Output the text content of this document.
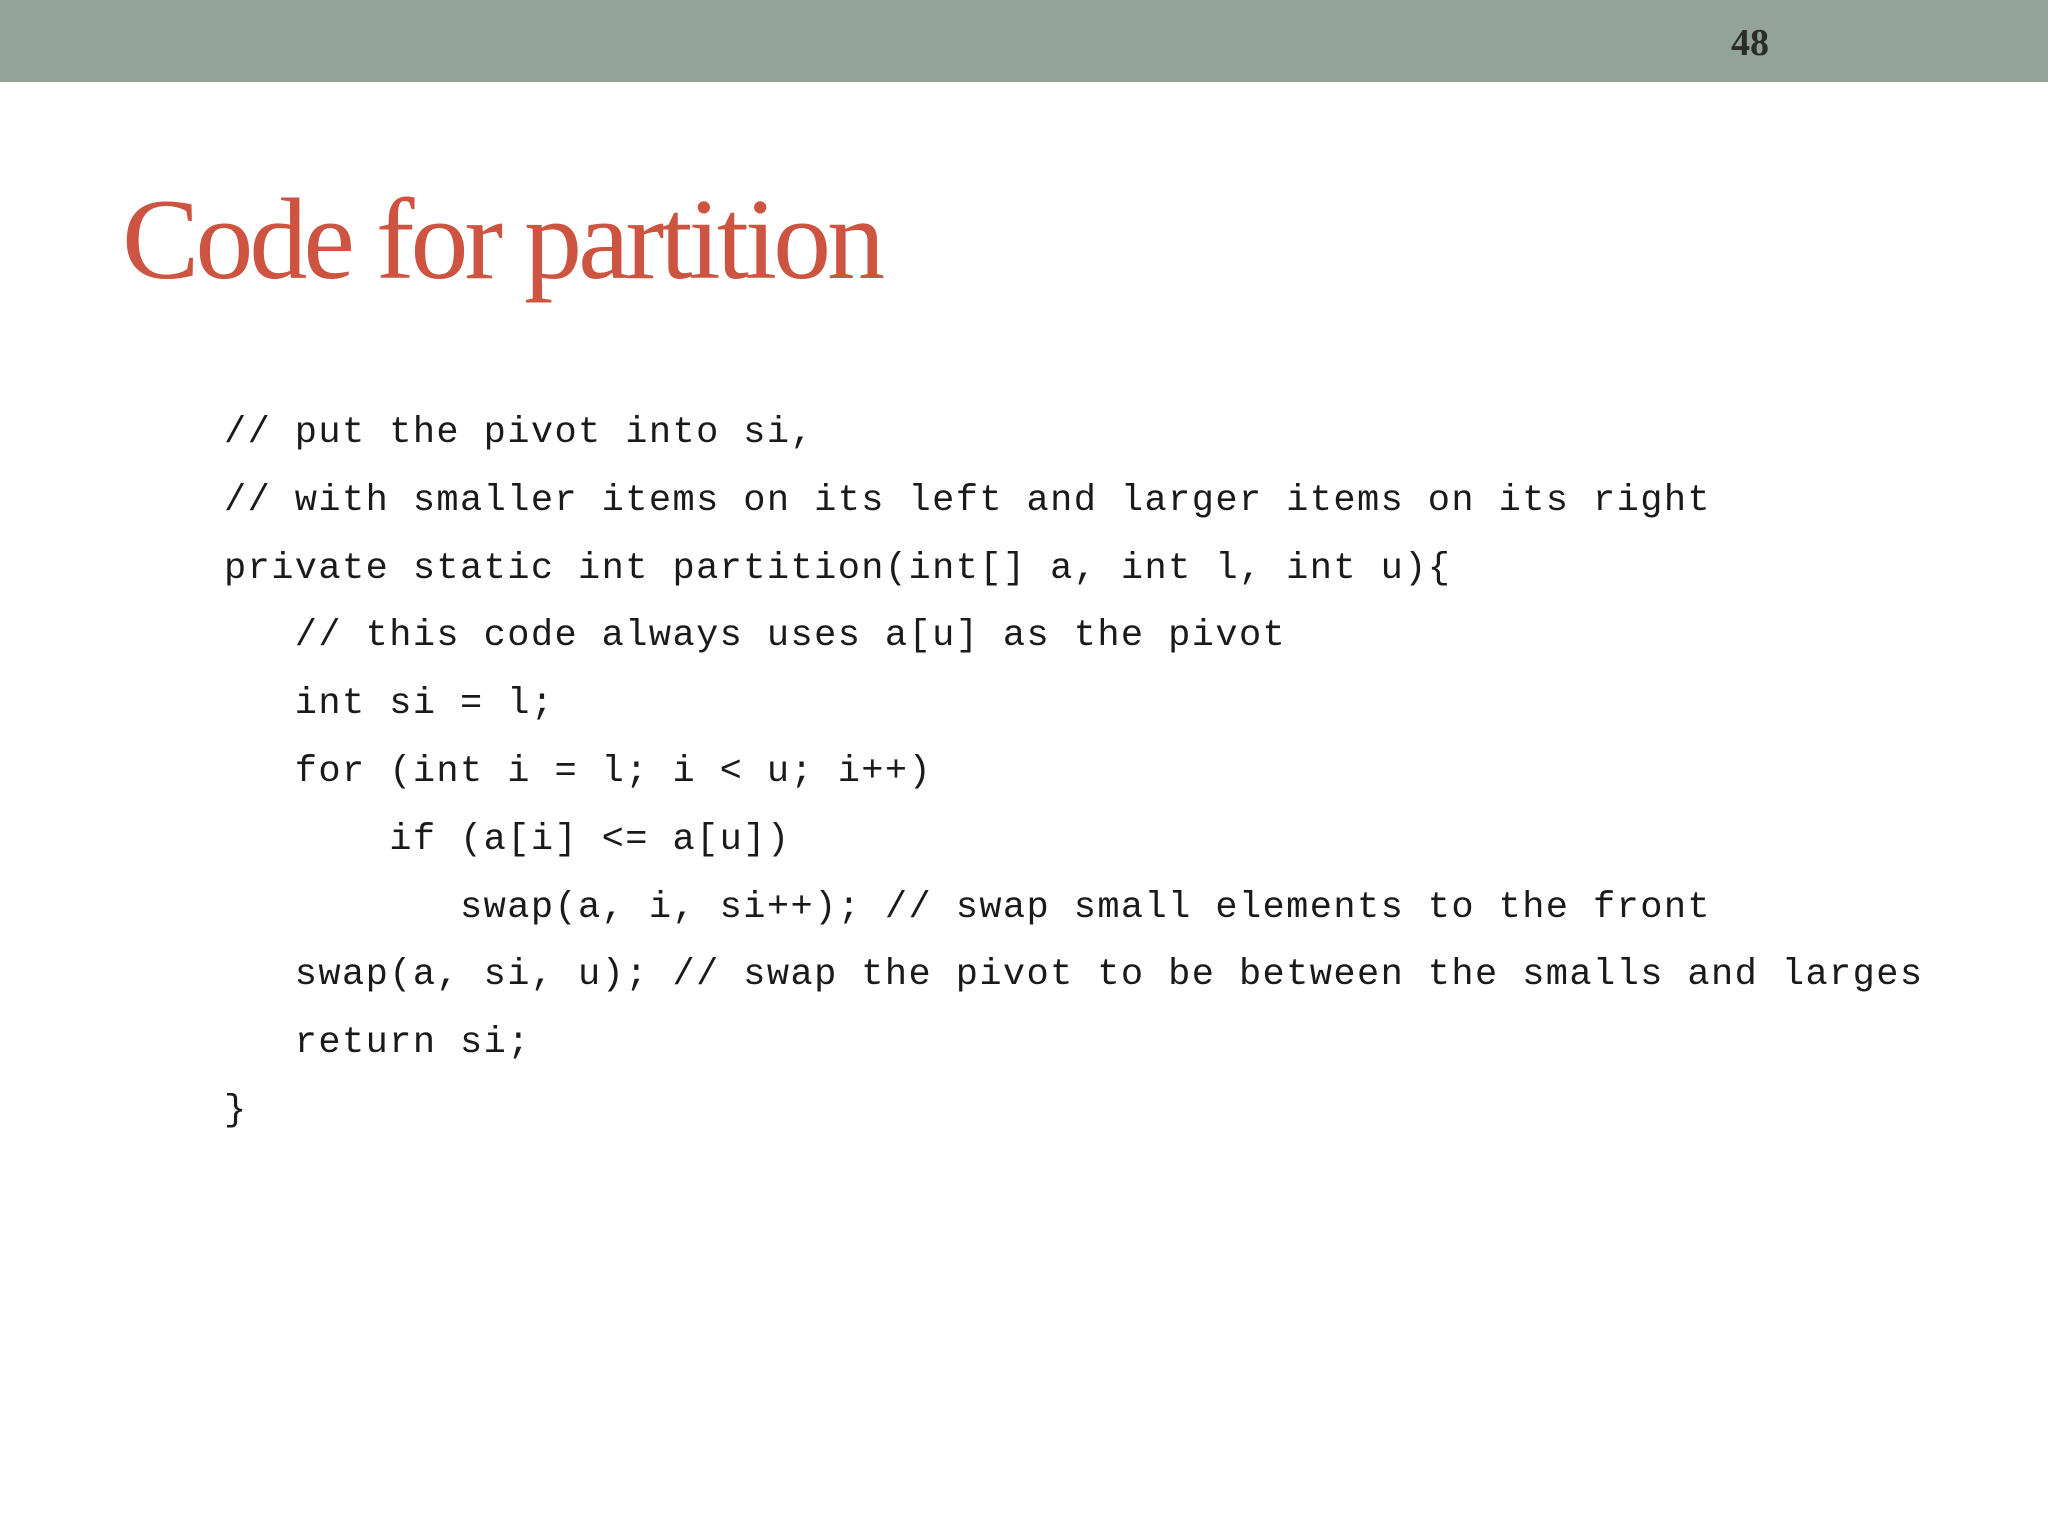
48
Code for partition
// put the pivot into si,
// with smaller items on its left and larger items on its right
private static int partition(int[] a, int l, int u){
// this code always uses a[u] as the pivot
int si = l;
for (int i = l; i < u; i++)
if (a[i] <= a[u])
swap(a, i, si++); // swap small elements to the front
swap(a, si, u); // swap the pivot to be between the smalls and larges
return si;
}
